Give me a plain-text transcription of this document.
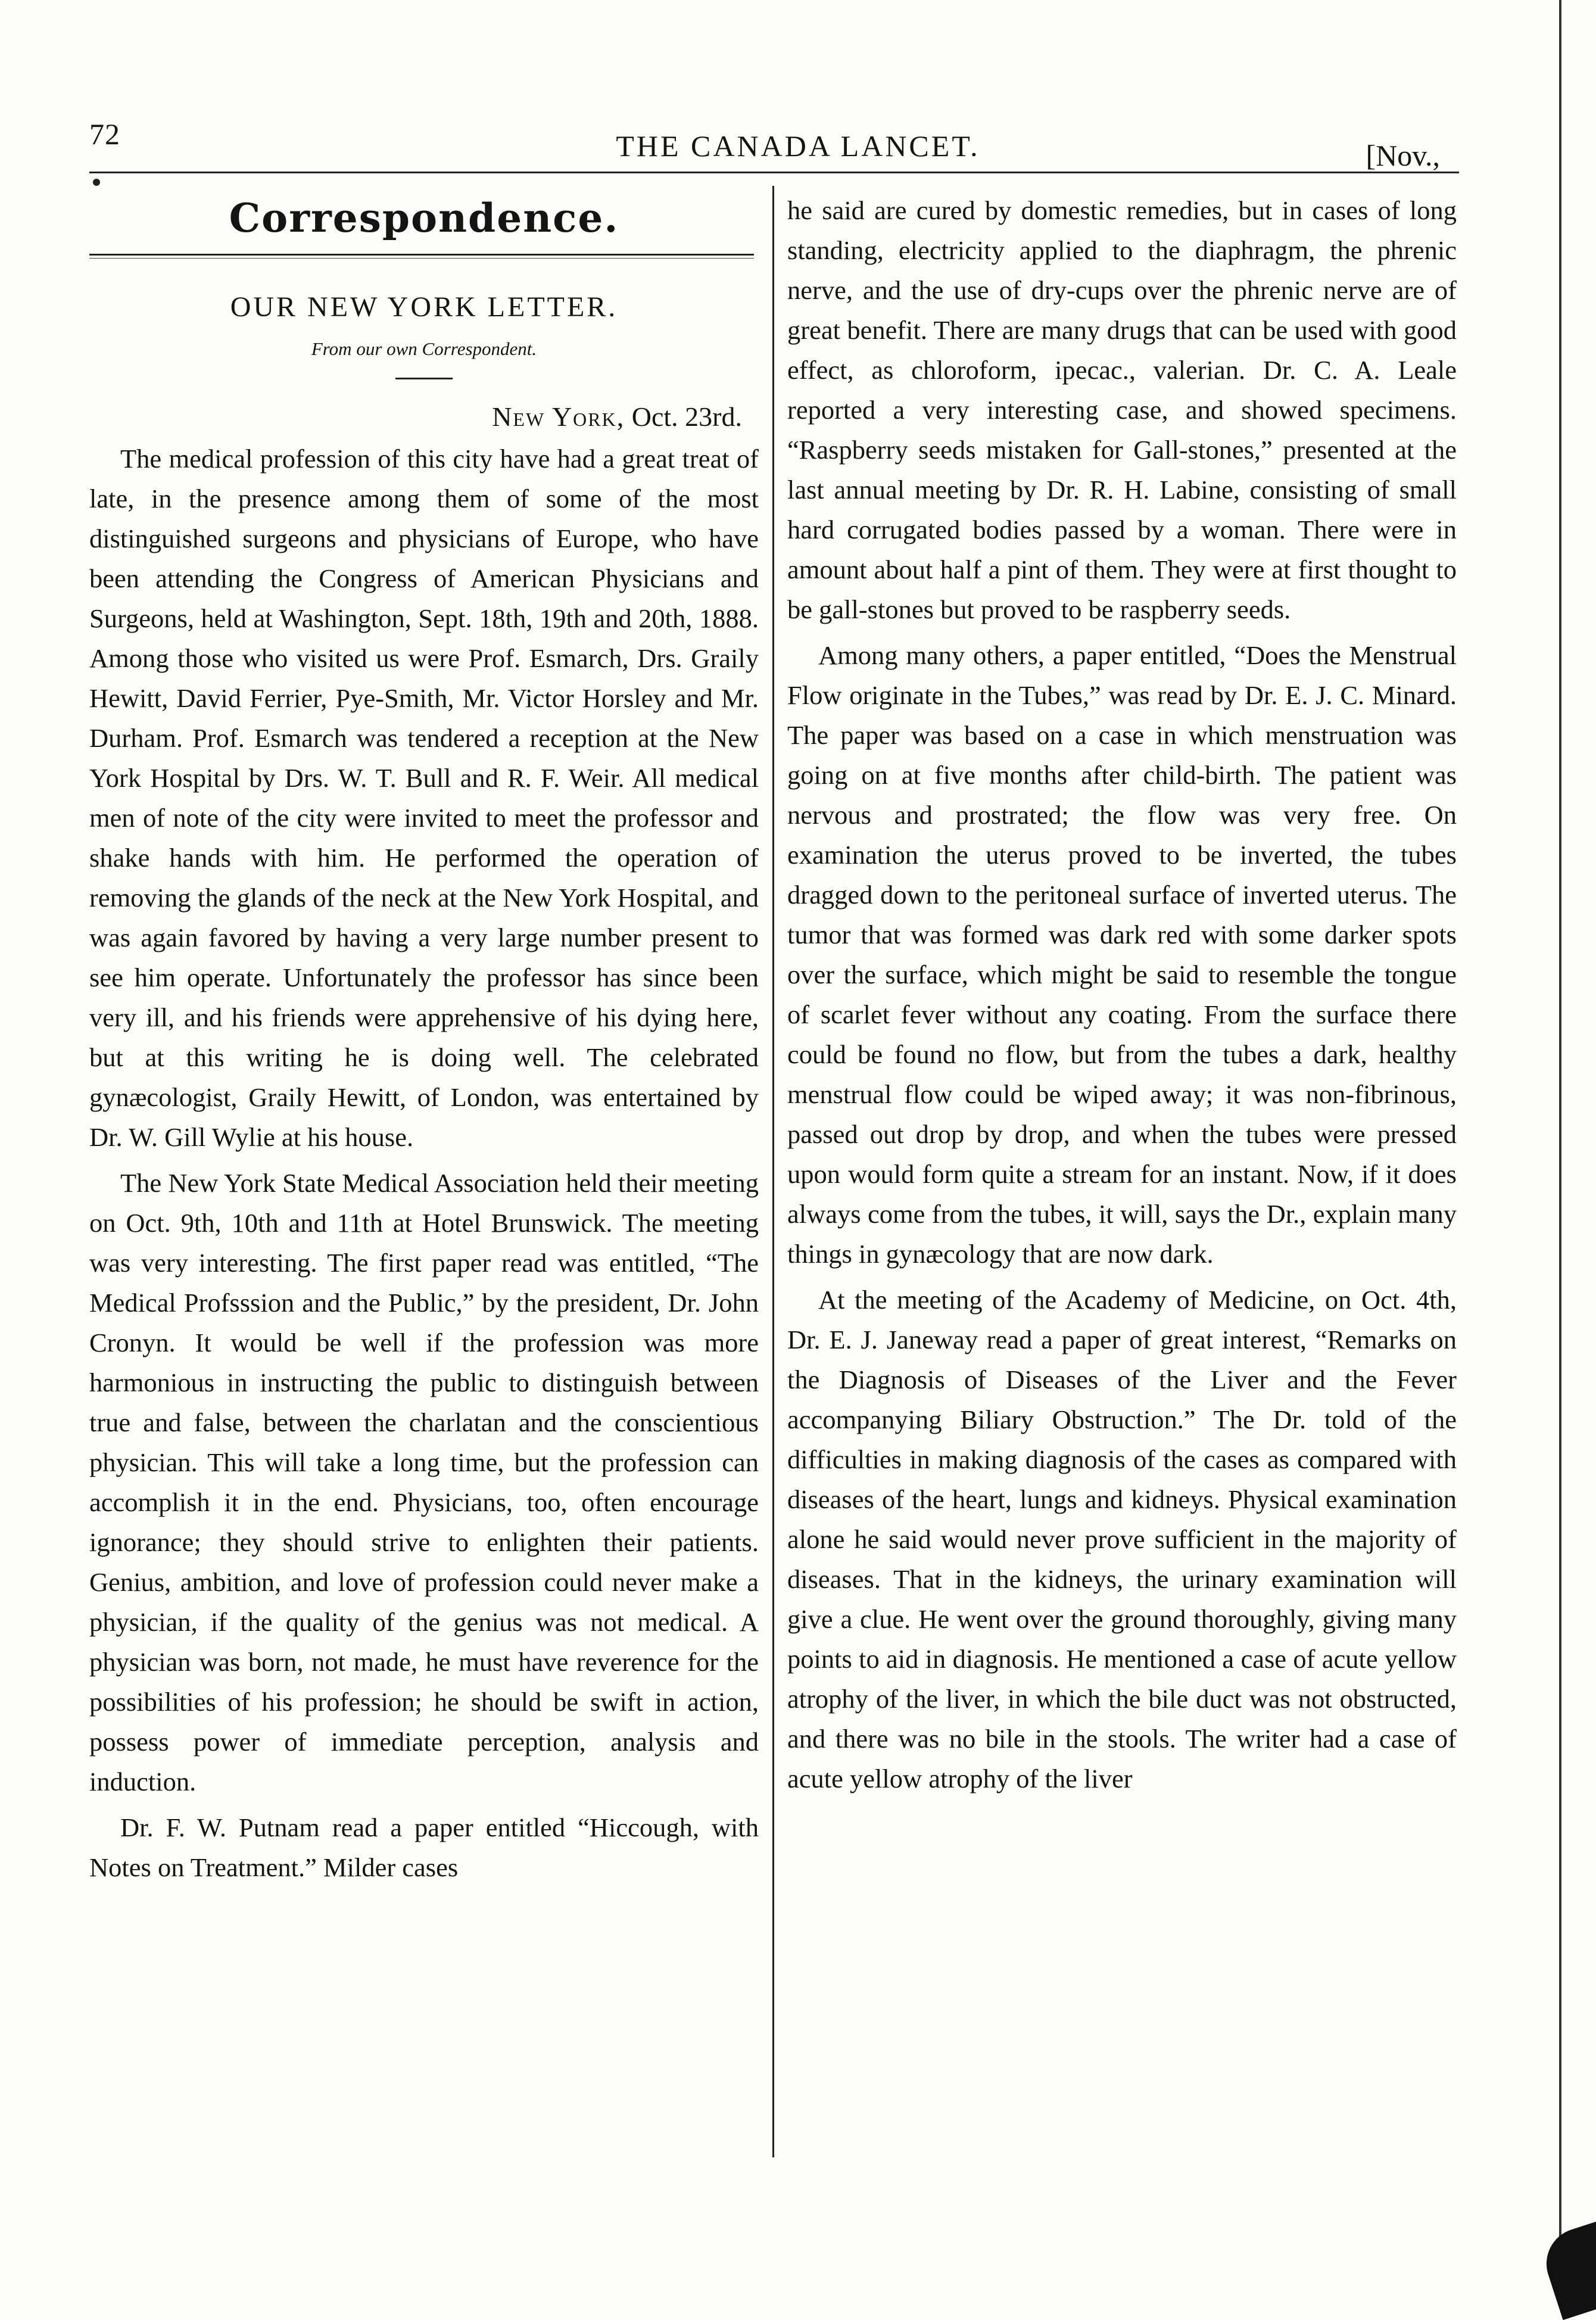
72	THE CANADA LANCET.	[Nov.,
Correspondence.
OUR NEW YORK LETTER.
From our own Correspondent.
New York, Oct. 23rd.

The medical profession of this city have had a great treat of late, in the presence among them of some of the most distinguished surgeons and physicians of Europe, who have been attending the Congress of American Physicians and Surgeons, held at Washington, Sept. 18th, 19th and 20th, 1888. Among those who visited us were Prof. Esmarch, Drs. Graily Hewitt, David Ferrier, Pye-Smith, Mr. Victor Horsley and Mr. Durham. Prof. Esmarch was tendered a reception at the New York Hospital by Drs. W. T. Bull and R. F. Weir. All medical men of note of the city were invited to meet the professor and shake hands with him. He performed the operation of removing the glands of the neck at the New York Hospital, and was again favored by having a very large number present to see him operate. Unfortunately the professor has since been very ill, and his friends were apprehensive of his dying here, but at this writing he is doing well. The celebrated gynæcologist, Graily Hewitt, of London, was entertained by Dr. W. Gill Wylie at his house.

The New York State Medical Association held their meeting on Oct. 9th, 10th and 11th at Hotel Brunswick. The meeting was very interesting. The first paper read was entitled, “The Medical Profsssion and the Public,” by the president, Dr. John Cronyn. It would be well if the profession was more harmonious in instructing the public to distinguish between true and false, between the charlatan and the conscientious physician. This will take a long time, but the profession can accomplish it in the end. Physicians, too, often encourage ignorance; they should strive to enlighten their patients. Genius, ambition, and love of profession could never make a physician, if the quality of the genius was not medical. A physician was born, not made, he must have reverence for the possibilities of his profession; he should be swift in action, possess power of immediate perception, analysis and induction.

Dr. F. W. Putnam read a paper entitled “Hiccough, with Notes on Treatment.” Milder cases

he said are cured by domestic remedies, but in cases of long standing, electricity applied to the diaphragm, the phrenic nerve, and the use of dry-cups over the phrenic nerve are of great benefit. There are many drugs that can be used with good effect, as chloroform, ipecac., valerian. Dr. C. A. Leale reported a very interesting case, and showed specimens. “Raspberry seeds mistaken for Gall-stones,” presented at the last annual meeting by Dr. R. H. Labine, consisting of small hard corrugated bodies passed by a woman. There were in amount about half a pint of them. They were at first thought to be gall-stones but proved to be raspberry seeds.

Among many others, a paper entitled, “Does the Menstrual Flow originate in the Tubes,” was read by Dr. E. J. C. Minard. The paper was based on a case in which menstruation was going on at five months after child-birth. The patient was nervous and prostrated; the flow was very free. On examination the uterus proved to be inverted, the tubes dragged down to the peritoneal surface of inverted uterus. The tumor that was formed was dark red with some darker spots over the surface, which might be said to resemble the tongue of scarlet fever without any coating. From the surface there could be found no flow, but from the tubes a dark, healthy menstrual flow could be wiped away; it was non-fibrinous, passed out drop by drop, and when the tubes were pressed upon would form quite a stream for an instant. Now, if it does always come from the tubes, it will, says the Dr., explain many things in gynæcology that are now dark.

At the meeting of the Academy of Medicine, on Oct. 4th, Dr. E. J. Janeway read a paper of great interest, “Remarks on the Diagnosis of Diseases of the Liver and the Fever accompanying Biliary Obstruction.” The Dr. told of the difficulties in making diagnosis of the cases as compared with diseases of the heart, lungs and kidneys. Physical examination alone he said would never prove sufficient in the majority of diseases. That in the kidneys, the urinary examination will give a clue. He went over the ground thoroughly, giving many points to aid in diagnosis. He mentioned a case of acute yellow atrophy of the liver, in which the bile duct was not obstructed, and there was no bile in the stools. The writer had a case of acute yellow atrophy of the liver
